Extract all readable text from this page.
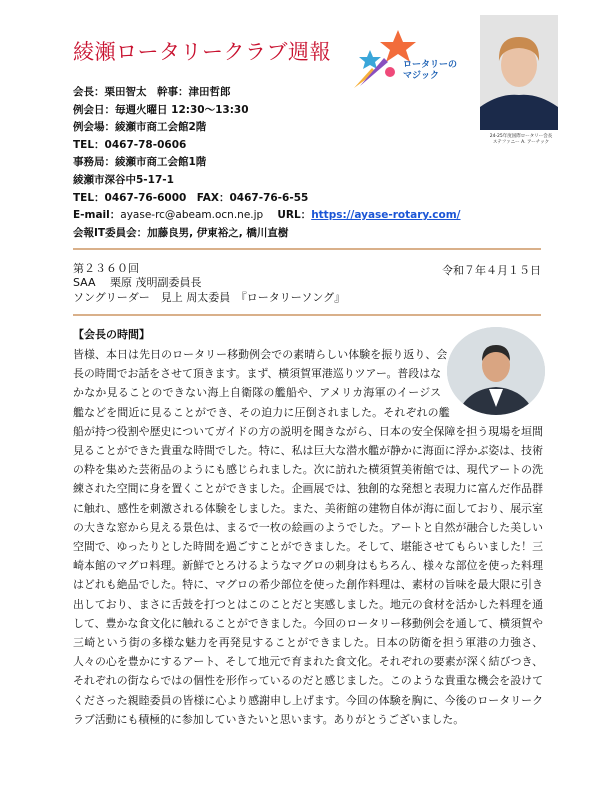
綾瀬ロータリークラブ週報
ロータリーの
マジック
24-25年度国際ロータリー会長
ステファニー A. アーチック
会長：栗田智太　幹事：津田哲郎
例会日：毎週火曜日 12:30～13:30
例会場：綾瀬市商工会館2階
TEL：0467-78-0606
事務局：綾瀬市商工会館1階
綾瀬市深谷中5-17-1
TEL：0467-76-6000　FAX：0467-76-6-55
E-mail：ayase-rc@abeam.ocn.ne.jp　 URL：https://ayase-rotary.com/
会報IT委員会：加藤良男, 伊東裕之, 橋川直樹
第２３６０回	令和７年４月１５日
SAA　 栗原 茂明副委員長
ソングリーダー　見上 周太委員　『ロータリーソング』
【会長の時間】
皆様、本日は先日のロータリー移動例会での素晴らしい体験を振り返り、会長の時間でお話をさせて頂きます。まず、横須賀軍港巡りツアー。普段はなかなか見ることのできない海上自衛隊の艦船や、アメリカ海軍のイージス艦などを間近に見ることができ、その迫力に圧倒されました。それぞれの艦船が持つ役割や歴史についてガイドの方の説明を聞きながら、日本の安全保障を担う現場を垣間見ることができた貴重な時間でした。特に、私は巨大な潜水艦が静かに海面に浮かぶ姿は、技術の粋を集めた芸術品のようにも感じられました。次に訪れた横須賀美術館では、現代アートの洗練された空間に身を置くことができました。企画展では、独創的な発想と表現力に富んだ作品群に触れ、感性を刺激される体験をしました。また、美術館の建物自体が海に面しており、展示室の大きな窓から見える景色は、まるで一枚の絵画のようでした。アートと自然が融合した美しい空間で、ゆったりとした時間を過ごすことができました。そして、堪能させてもらいました！三崎本館のマグロ料理。新鮮でとろけるようなマグロの刺身はもちろん、様々な部位を使った料理はどれも絶品でした。特に、マグロの希少部位を使った創作料理は、素材の旨味を最大限に引き出しており、まさに舌鼓を打つとはこのことだと実感しました。地元の食材を活かした料理を通して、豊かな食文化に触れることができました。今回のロータリー移動例会を通して、横須賀や三崎という街の多様な魅力を再発見することができました。日本の防衛を担う軍港の力強さ、人々の心を豊かにするアート、そして地元で育まれた食文化。それぞれの要素が深く結びつき、それぞれの街ならではの個性を形作っているのだと感じました。このような貴重な機会を設けてくださった親睦委員の皆様に心より感謝申し上げます。今回の体験を胸に、今後のロータリークラブ活動にも積極的に参加していきたいと思います。ありがとうございました。
